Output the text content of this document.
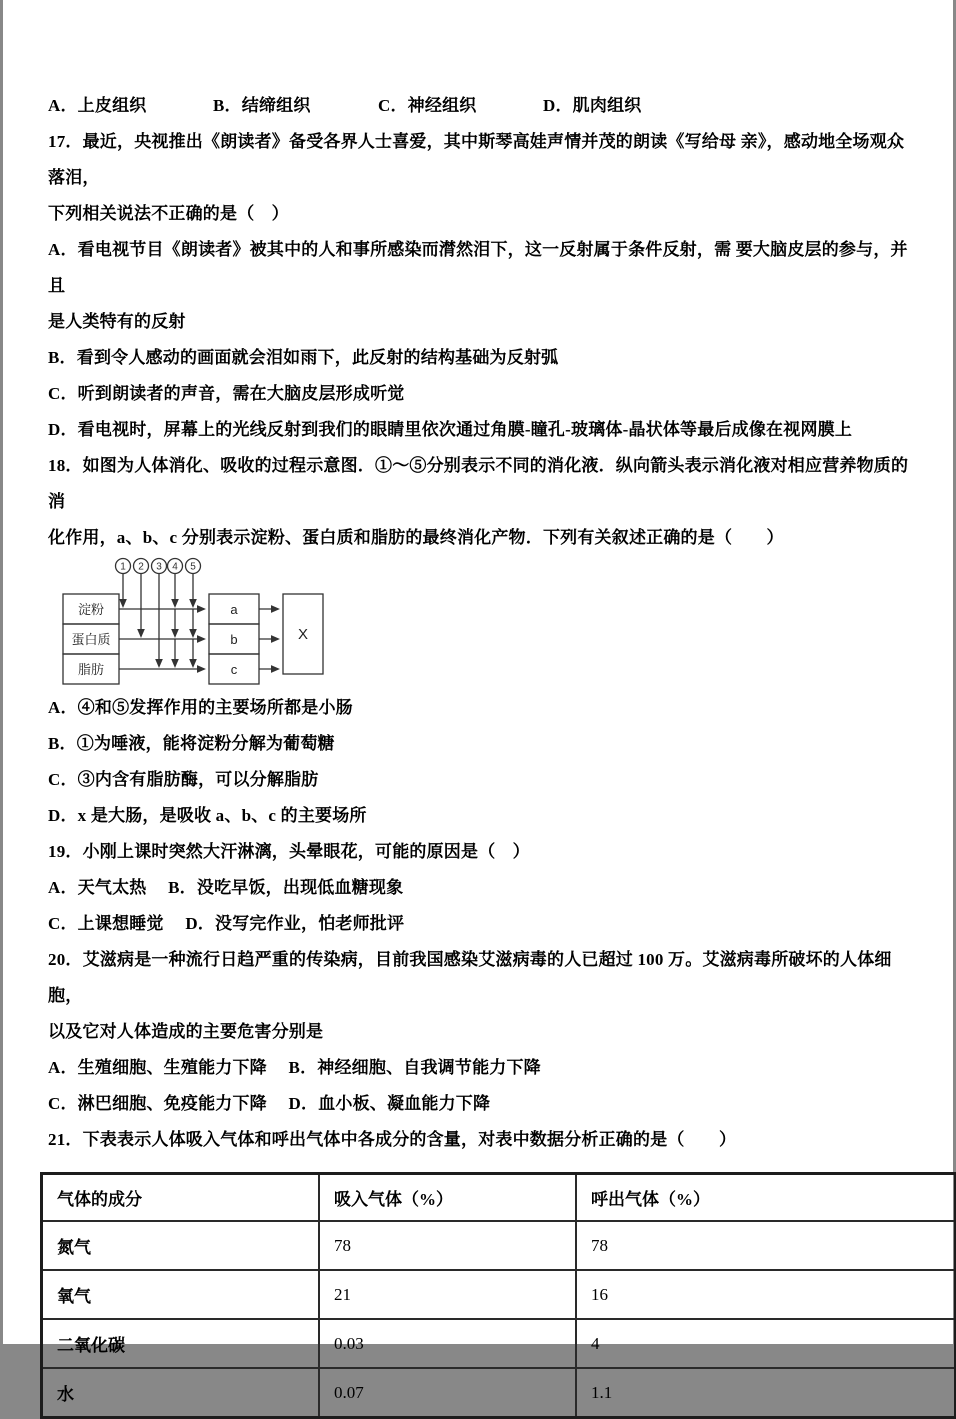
A．上皮组织	B．结缔组织	C．神经组织	D．肌肉组织
17．最近，央视推出《朗读者》备受各界人士喜爱，其中斯琴高娃声情并茂的朗读《写给母 亲》，感动地全场观众落泪，
下列相关说法不正确的是（　）
A．看电视节目《朗读者》被其中的人和事所感染而潸然泪下，这一反射属于条件反射，需 要大脑皮层的参与，并且
是人类特有的反射
B．看到令人感动的画面就会泪如雨下，此反射的结构基础为反射弧
C．听到朗读者的声音，需在大脑皮层形成听觉
D．看电视时，屏幕上的光线反射到我们的眼睛里依次通过角膜-瞳孔-玻璃体-晶状体等最后成像在视网膜上
18．如图为人体消化、吸收的过程示意图．①～⑤分别表示不同的消化液．纵向箭头表示消化液对相应营养物质的消
化作用，a、b、c 分别表示淀粉、蛋白质和脂肪的最终消化产物．下列有关叙述正确的是（　　）
1 2 3 4 5
淀粉
蛋白质
脂肪
a
b
c
X
A．④和⑤发挥作用的主要场所都是小肠
B．①为唾液，能将淀粉分解为葡萄糖
C．③内含有脂肪酶，可以分解脂肪
D．x 是大肠，是吸收 a、b、c 的主要场所
19．小刚上课时突然大汗淋漓，头晕眼花，可能的原因是（　）
A．天气太热　 B．没吃早饭，出现低血糖现象
C．上课想睡觉　 D．没写完作业，怕老师批评
20．艾滋病是一种流行日趋严重的传染病，目前我国感染艾滋病毒的人已超过 100 万。艾滋病毒所破坏的人体细胞，
以及它对人体造成的主要危害分别是
A．生殖细胞、生殖能力下降　 B．神经细胞、自我调节能力下降
C．淋巴细胞、免疫能力下降　 D．血小板、凝血能力下降
21．下表表示人体吸入气体和呼出气体中各成分的含量，对表中数据分析正确的是（　　）
气体的成分	吸入气体（%）	呼出气体（%）
氮气	78	78
氧气	21	16
二氧化碳	0.03	4
水	0.07	1.1
